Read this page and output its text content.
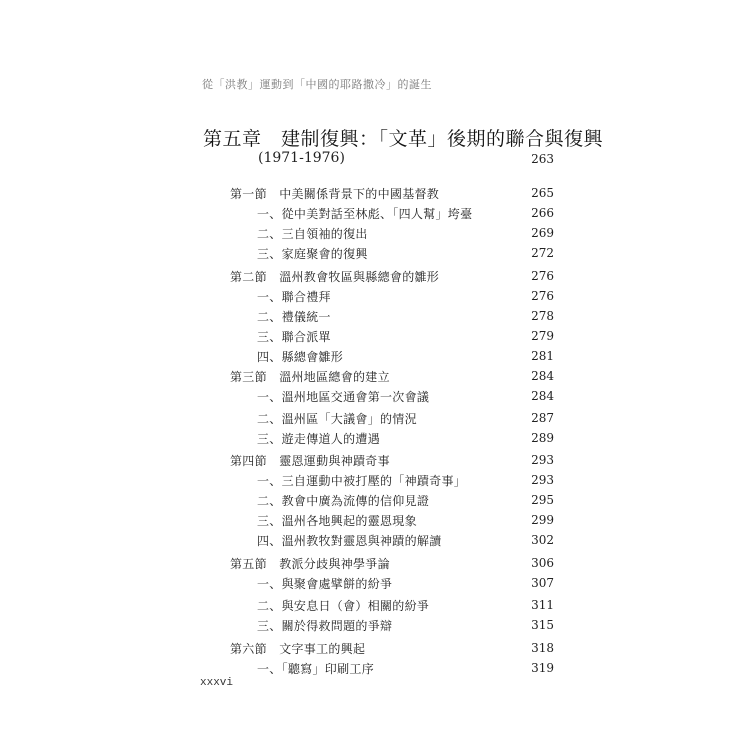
從「洪教」運動到「中國的耶路撒冷」的誕生
第五章　建制復興：「文革」後期的聯合與復興
(1971-1976)	263
第一節　中美關係背景下的中國基督教	265
一、從中美對話至林彪、「四人幫」垮臺	266
二、三自領袖的復出	269
三、家庭聚會的復興	272
第二節　溫州教會牧區與縣總會的雛形	276
一、聯合禮拜	276
二、禮儀統一	278
三、聯合派單	279
四、縣總會雛形	281
第三節　溫州地區總會的建立	284
一、溫州地區交通會第一次會議	284
二、溫州區「大議會」的情況	287
三、遊走傳道人的遭遇	289
第四節　靈恩運動與神蹟奇事	293
一、三自運動中被打壓的「神蹟奇事」	293
二、教會中廣為流傳的信仰見證	295
三、溫州各地興起的靈恩現象	299
四、溫州教牧對靈恩與神蹟的解讀	302
第五節　教派分歧與神學爭論	306
一、與聚會處擘餅的紛爭	307
二、與安息日（會）相關的紛爭	311
三、關於得救問題的爭辯	315
第六節　文字事工的興起	318
一、「聽寫」印刷工序	319
xxxvi
